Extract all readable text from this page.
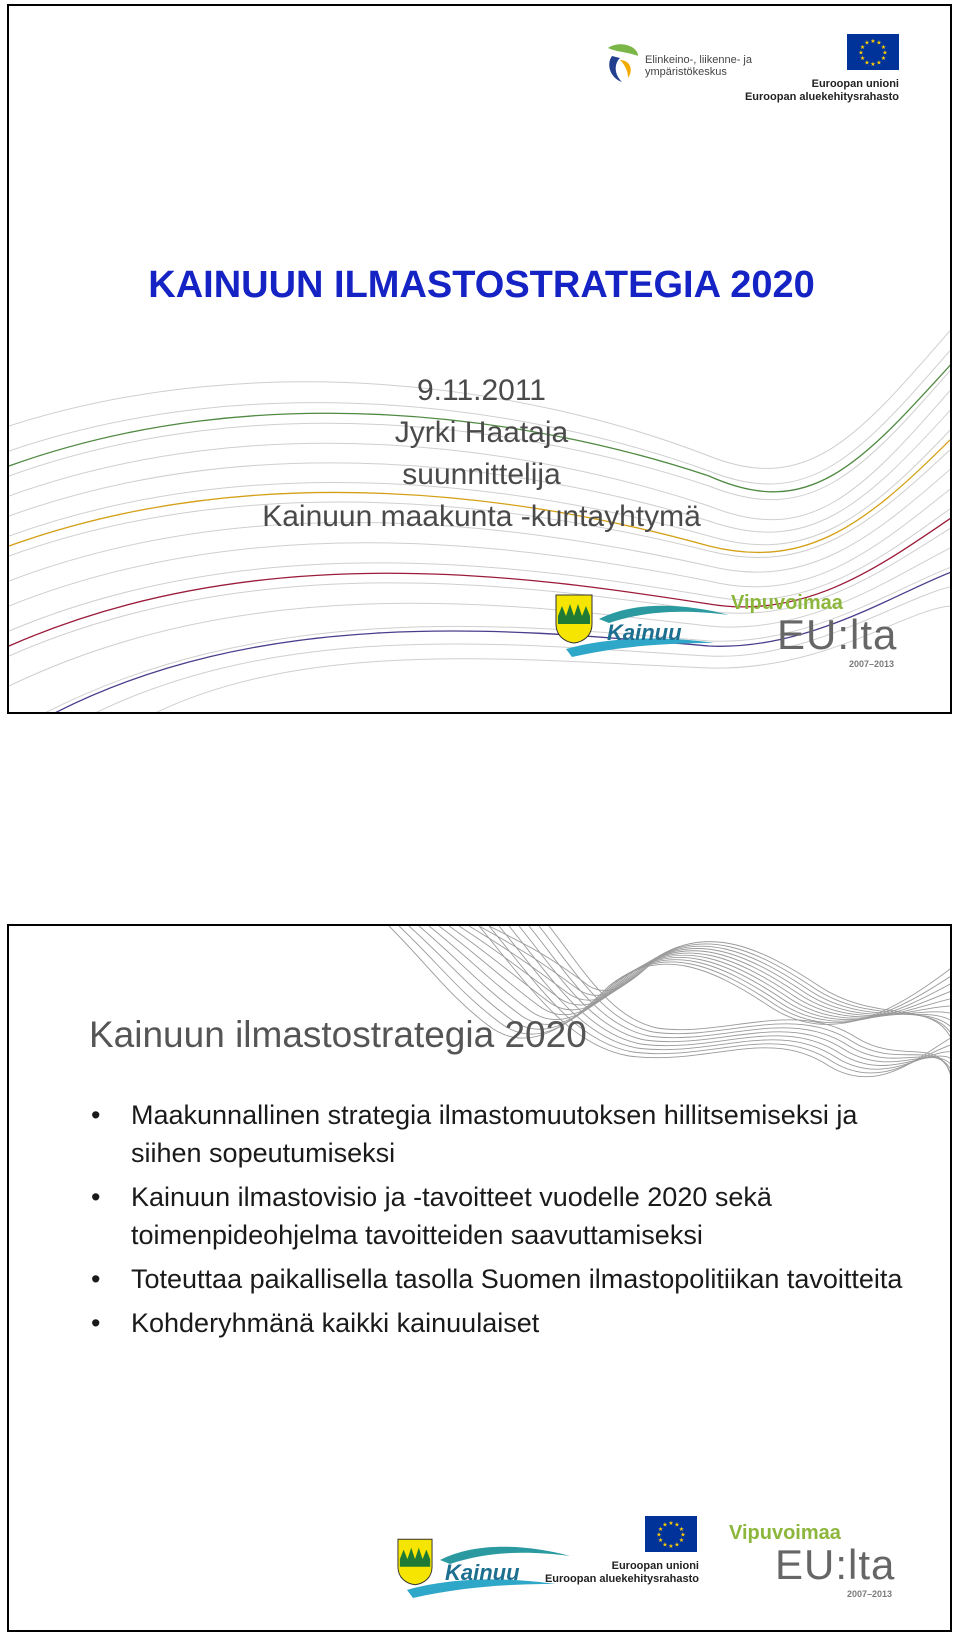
Elinkeino-, liikenne- ja ympäristökeskus
★ ★
★
★
★
★
★
★
★
★
★
★
Euroopan unioni
Euroopan aluekehitysrahasto
KAINUUN ILMASTOSTRATEGIA 2020
9.11.2011
Jyrki Haataja
suunnittelija
Kainuun maakunta -kuntayhtymä
Kainuu
Vipuvoimaa
EU:lta
2007–2013
Kainuun ilmastostrategia 2020
• Maakunnallinen strategia ilmastomuutoksen hillitsemiseksi ja siihen sopeutumiseksi
• Kainuun ilmastovisio ja -tavoitteet vuodelle 2020 sekä toimenpideohjelma tavoitteiden saavuttamiseksi
• Toteuttaa paikallisella tasolla Suomen ilmastopolitiikan tavoitteita
• Kohderyhmänä kaikki kainuulaiset
Kainuu
★ ★
★
★
★
★
★
★
★
★
★
★
Euroopan unioni
Euroopan aluekehitysrahasto
Vipuvoimaa
EU:lta
2007–2013
